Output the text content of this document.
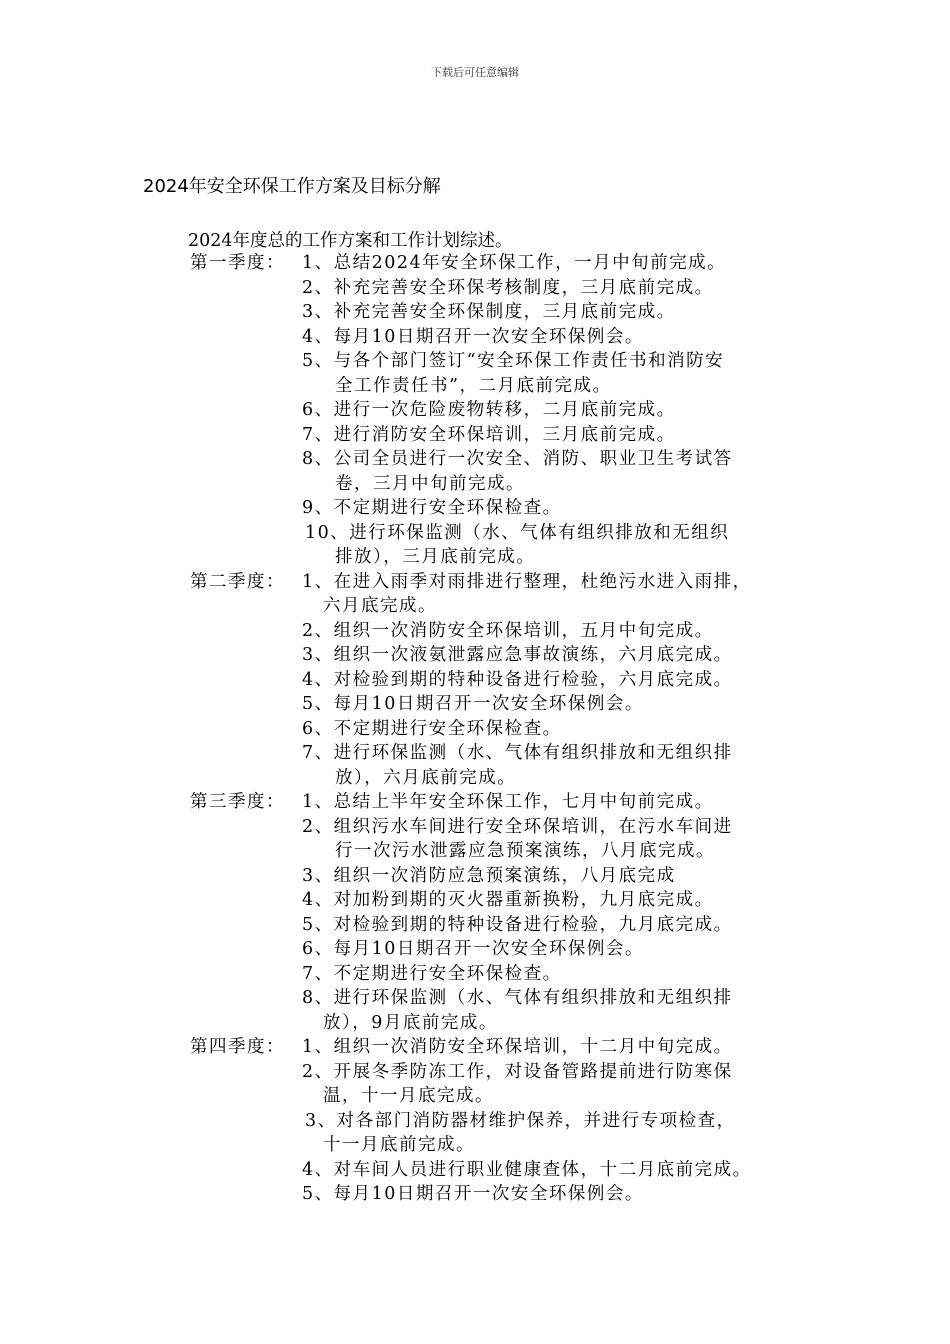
下载后可任意编辑
2024年安全环保工作方案及目标分解
2024年度总的工作方案和工作计划综述。
第一季度： 1、总结2024年安全环保工作，一月中旬前完成。
2、补充完善安全环保考核制度，三月底前完成。
3、补充完善安全环保制度，三月底前完成。
4、每月10日期召开一次安全环保例会。
5、与各个部门签订“安全环保工作责任书和消防安
全工作责任书”，二月底前完成。
6、进行一次危险废物转移，二月底前完成。
7、进行消防安全环保培训，三月底前完成。
8、公司全员进行一次安全、消防、职业卫生考试答
卷，三月中旬前完成。
9、不定期进行安全环保检查。
10、进行环保监测（水、气体有组织排放和无组织
排放），三月底前完成。
第二季度： 1、在进入雨季对雨排进行整理，杜绝污水进入雨排，
六月底完成。
2、组织一次消防安全环保培训，五月中旬完成。
3、组织一次液氨泄露应急事故演练，六月底完成。
4、对检验到期的特种设备进行检验，六月底完成。
5、每月10日期召开一次安全环保例会。
6、不定期进行安全环保检查。
7、进行环保监测（水、气体有组织排放和无组织排
放），六月底前完成。
第三季度： 1、总结上半年安全环保工作，七月中旬前完成。
2、组织污水车间进行安全环保培训，在污水车间进
行一次污水泄露应急预案演练，八月底完成。
3、组织一次消防应急预案演练，八月底完成
4、对加粉到期的灭火器重新换粉，九月底完成。
5、对检验到期的特种设备进行检验，九月底完成。
6、每月10日期召开一次安全环保例会。
7、不定期进行安全环保检查。
8、进行环保监测（水、气体有组织排放和无组织排
放），9月底前完成。
第四季度： 1、组织一次消防安全环保培训，十二月中旬完成。
2、开展冬季防冻工作，对设备管路提前进行防寒保
温，十一月底完成。
3、对各部门消防器材维护保养，并进行专项检查，
十一月底前完成。
4、对车间人员进行职业健康查体，十二月底前完成。
5、每月10日期召开一次安全环保例会。
